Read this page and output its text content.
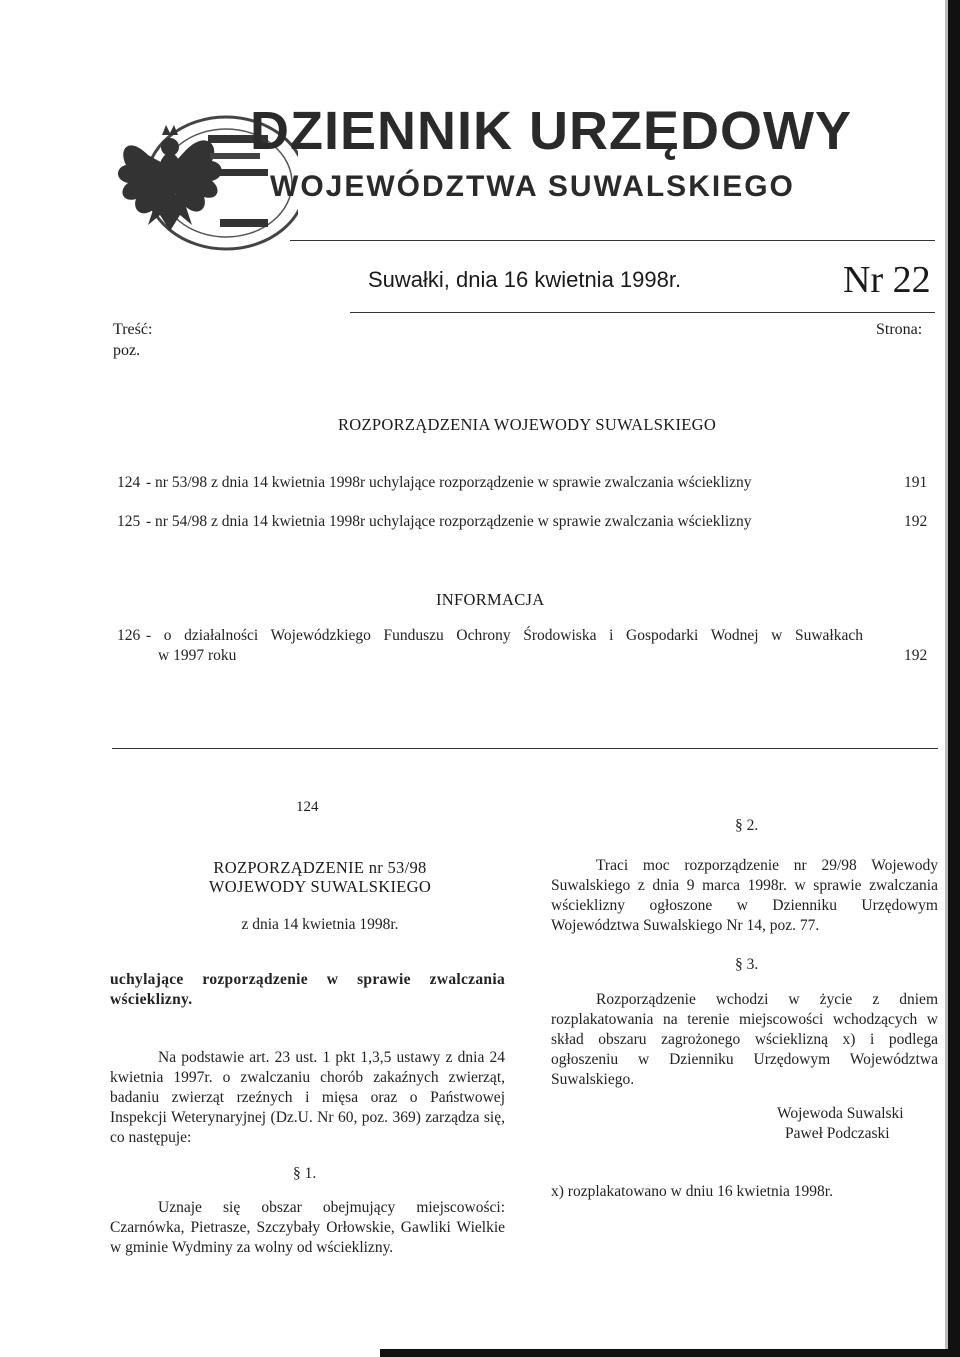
DZIENNIK URZĘDOWY
WOJEWÓDZTWA SUWALSKIEGO
Suwałki, dnia 16 kwietnia 1998r.	Nr 22
Treść:
poz.
Strona:
ROZPORZĄDZENIA WOJEWODY SUWALSKIEGO
124 - nr 53/98 z dnia 14 kwietnia 1998r uchylające rozporządzenie w sprawie zwalczania wścieklizny	191
125 - nr 54/98 z dnia 14 kwietnia 1998r uchylające rozporządzenie w sprawie zwalczania wścieklizny	192
INFORMACJA
126 - o działalności Wojewódzkiego Funduszu Ochrony Środowiska i Gospodarki Wodnej w Suwałkach
w 1997 roku	192
124
ROZPORZĄDZENIE nr 53/98
WOJEWODY SUWALSKIEGO
z dnia 14 kwietnia 1998r.
uchylające rozporządzenie w sprawie zwalczania wścieklizny.
Na podstawie art. 23 ust. 1 pkt 1,3,5 ustawy z dnia 24 kwietnia 1997r. o zwalczaniu chorób zakaźnych zwierząt, badaniu zwierząt rzeźnych i mięsa oraz o Państwowej Inspekcji Weterynaryjnej (Dz.U. Nr 60, poz. 369) zarządza się, co następuje:
§ 1.
Uznaje się obszar obejmujący miejscowości: Czarnówka, Pietrasze, Szczybały Orłowskie, Gawliki Wielkie w gminie Wydminy za wolny od wścieklizny.
§ 2.
Traci moc rozporządzenie nr 29/98 Wojewody Suwalskiego z dnia 9 marca 1998r. w sprawie zwalczania wścieklizny ogłoszone w Dzienniku Urzędowym Województwa Suwalskiego Nr 14, poz. 77.
§ 3.
Rozporządzenie wchodzi w życie z dniem rozplakatowania na terenie miejscowości wchodzących w skład obszaru zagrożonego wścieklizną x) i podlega ogłoszeniu w Dzienniku Urzędowym Województwa Suwalskiego.
Wojewoda Suwalski
Paweł Podczaski
x) rozplakatowano w dniu 16 kwietnia 1998r.
